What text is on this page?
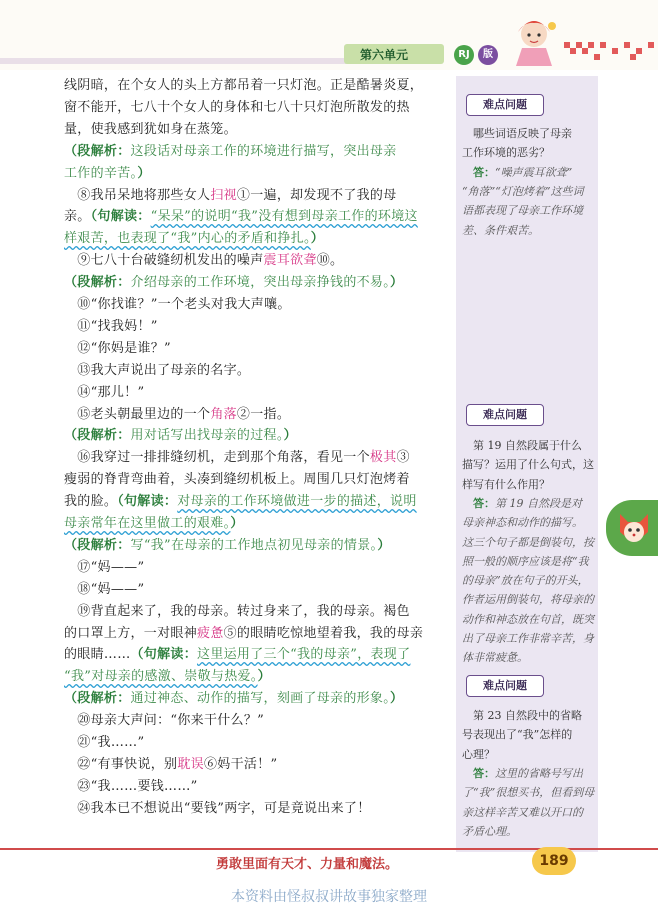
第六单元	RJ	版
线阴暗，在个女人的头上方都吊着一只灯泡。正是酷暑炎夏，
窗不能开，七八十个女人的身体和七八十只灯泡所散发的热
量，使我感到犹如身在蒸笼。
（段解析：这段话对母亲工作的环境进行描写，突出母亲
工作的辛苦。）
　⑧我吊呆地将那些女人扫视①一遍，却发现不了我的母
亲。（句解读：“呆呆”的说明“我”没有想到母亲工作的环境这
样艰苦，也表现了“我”内心的矛盾和挣扎。）
　⑨七八十台破缝纫机发出的噪声震耳欲聋⑩。
（段解析：介绍母亲的工作环境，突出母亲挣钱的不易。）
　⑩“你找谁？”一个老头对我大声嚷。
　⑪“找我妈！”
　⑫“你妈是谁？”
　⑬我大声说出了母亲的名字。
　⑭“那儿！”
　⑮老头朝最里边的一个角落②一指。
（段解析：用对话写出找母亲的过程。）
　⑯我穿过一排排缝纫机，走到那个角落，看见一个极其③
瘦弱的脊背弯曲着，头凑到缝纫机板上。周围几只灯泡烤着
我的脸。（句解读：对母亲的工作环境做进一步的描述，说明
母亲常年在这里做工的艰难。）
（段解析：写“我”在母亲的工作地点初见母亲的情景。）
　⑰“妈——”
　⑱“妈——”
　⑲背直起来了，我的母亲。转过身来了，我的母亲。褐色
的口罩上方，一对眼神疲惫⑤的眼睛吃惊地望着我，我的母亲
的眼睛……（句解读：这里运用了三个“我的母亲”，表现了
“我”对母亲的感激、崇敬与热爱。）
（段解析：通过神态、动作的描写，刻画了母亲的形象。）
　⑳母亲大声问：“你来干什么？”
　㉑“我……”
　㉒“有事快说，别耽误⑥妈干活！”
　㉓“我……要钱……”
　㉔我本已不想说出“要钱”两字，可是竟说出来了！
难点问题
难点问题
难点问题
　哪些词语反映了母亲
工作环境的恶劣？
　答：“噪声震耳欲聋”
“角落”“灯泡烤着”这些词
语都表现了母亲工作环境
差、条件艰苦。
　第 19 自然段属于什么
描写？运用了什么句式，这
样写有什么作用？
　答：第 19 自然段是对
母亲神态和动作的描写。
这三个句子都是倒装句，按
照一般的顺序应该是将“我
的母亲”放在句子的开头，
作者运用倒装句，将母亲的
动作和神态放在句首，既突
出了母亲工作非常辛苦，身
体非常疲惫。
　第 23 自然段中的省略
号表现出了“我”怎样的
心理？
　答：这里的省略号写出
了“我”很想买书，但看到母
亲这样辛苦又难以开口的
矛盾心理。
勇敢里面有天才、力量和魔法。	189
本资料由怪叔叔讲故事独家整理
